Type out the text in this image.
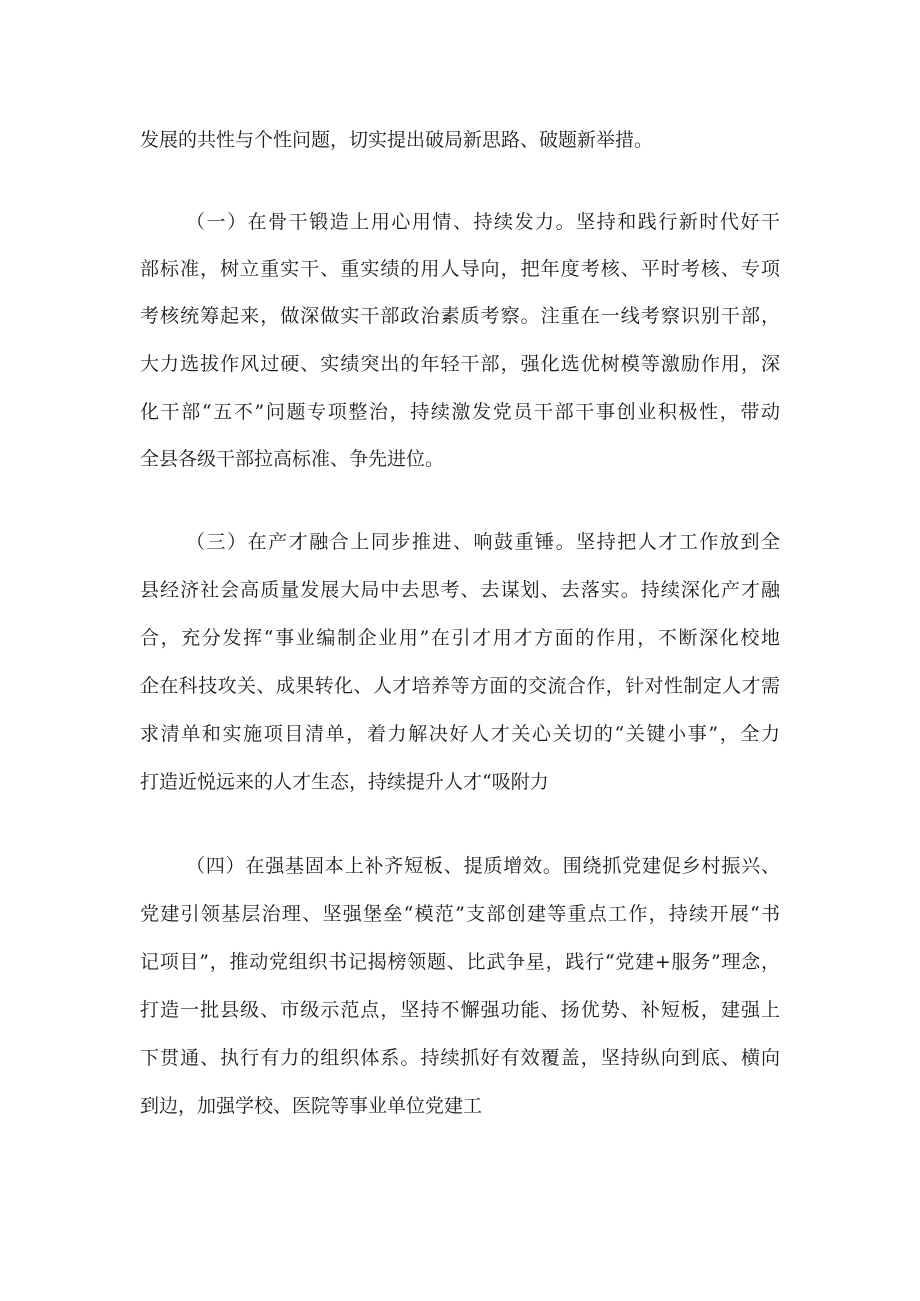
发展的共性与个性问题，切实提出破局新思路、破题新举措。

（一）在骨干锻造上用心用情、持续发力。坚持和践行新时代好干

部标准，树立重实干、重实绩的用人导向，把年度考核、平时考核、专项

考核统筹起来，做深做实干部政治素质考察。注重在一线考察识别干部，

大力选拔作风过硬、实绩突出的年轻干部，强化选优树模等激励作用，深

化干部“五不”问题专项整治，持续激发党员干部干事创业积极性，带动

全县各级干部拉高标准、争先进位。

（三）在产才融合上同步推进、响鼓重锤。坚持把人才工作放到全

县经济社会高质量发展大局中去思考、去谋划、去落实。持续深化产才融

合，充分发挥“事业编制企业用”在引才用才方面的作用，不断深化校地

企在科技攻关、成果转化、人才培养等方面的交流合作，针对性制定人才需

求清单和实施项目清单，着力解决好人才关心关切的“关键小事”，全力

打造近悦远来的人才生态，持续提升人才“吸附力

（四）在强基固本上补齐短板、提质增效。围绕抓党建促乡村振兴、

党建引领基层治理、坚强堡垒“模范”支部创建等重点工作，持续开展“书

记项目”，推动党组织书记揭榜领题、比武争星，践行“党建+服务”理念，

打造一批县级、市级示范点，坚持不懈强功能、扬优势、补短板，建强上

下贯通、执行有力的组织体系。持续抓好有效覆盖，坚持纵向到底、横向

到边，加强学校、医院等事业单位党建工
